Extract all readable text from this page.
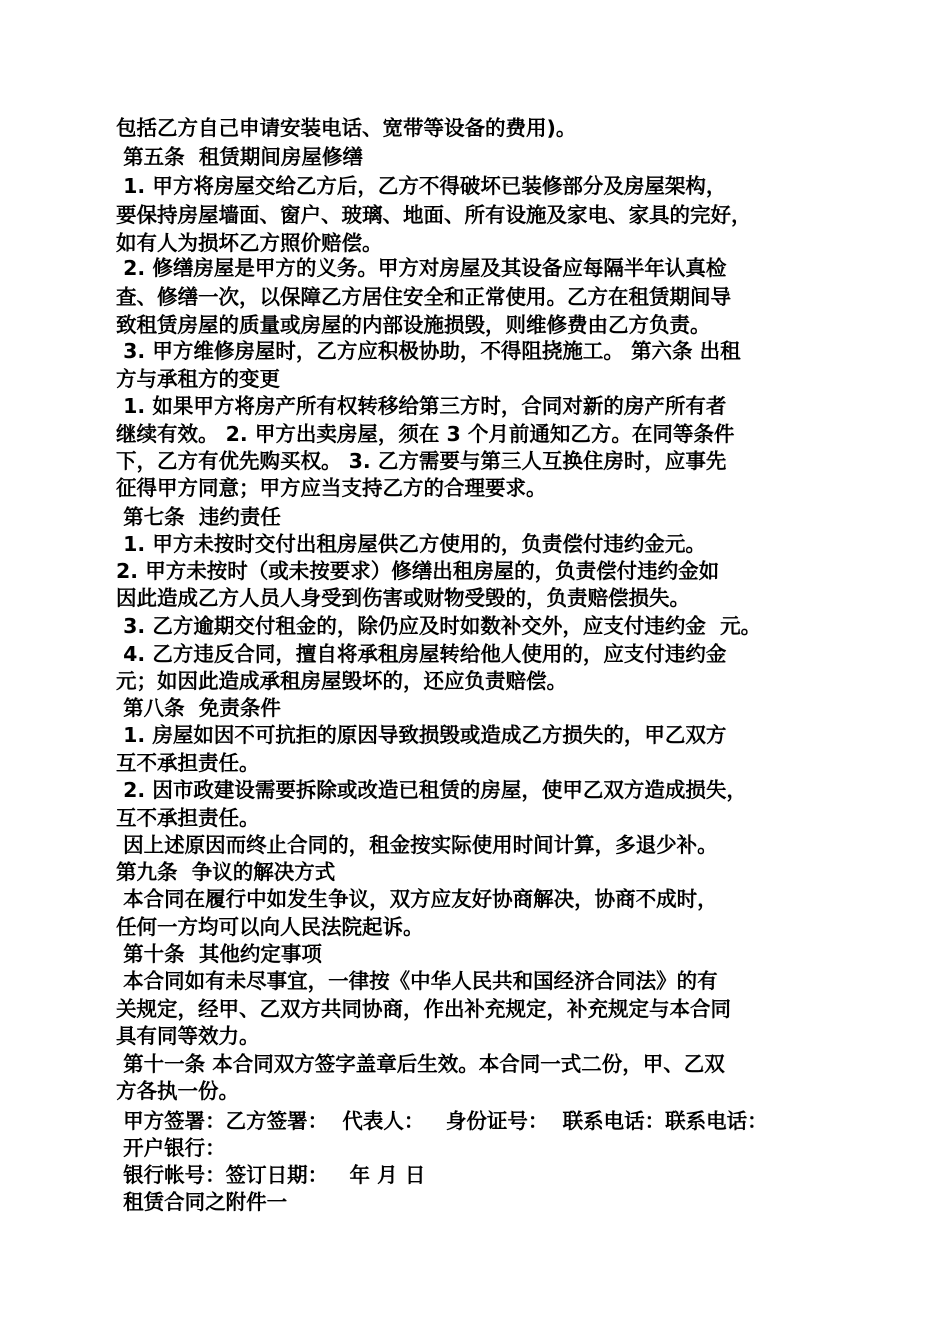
包括乙方自己申请安装电话、宽带等设备的费用)。
第五条  租赁期间房屋修缮
1. 甲方将房屋交给乙方后，乙方不得破坏已装修部分及房屋架构，
要保持房屋墙面、窗户、玻璃、地面、所有设施及家电、家具的完好，
如有人为损坏乙方照价赔偿。
2. 修缮房屋是甲方的义务。甲方对房屋及其设备应每隔半年认真检
查、修缮一次，以保障乙方居住安全和正常使用。乙方在租赁期间导
致租赁房屋的质量或房屋的内部设施损毁，则维修费由乙方负责。
3. 甲方维修房屋时，乙方应积极协助，不得阻挠施工。 第六条 出租
方与承租方的变更
1. 如果甲方将房产所有权转移给第三方时，合同对新的房产所有者
继续有效。 2. 甲方出卖房屋，须在 3 个月前通知乙方。在同等条件
下，乙方有优先购买权。 3. 乙方需要与第三人互换住房时，应事先
征得甲方同意；甲方应当支持乙方的合理要求。
第七条  违约责任
1. 甲方未按时交付出租房屋供乙方使用的，负责偿付违约金元。
2. 甲方未按时（或未按要求）修缮出租房屋的，负责偿付违约金如
因此造成乙方人员人身受到伤害或财物受毁的，负责赔偿损失。
3. 乙方逾期交付租金的，除仍应及时如数补交外，应支付违约金  元。
4. 乙方违反合同，擅自将承租房屋转给他人使用的，应支付违约金
元；如因此造成承租房屋毁坏的，还应负责赔偿。
第八条  免责条件
1. 房屋如因不可抗拒的原因导致损毁或造成乙方损失的，甲乙双方
互不承担责任。
2. 因市政建设需要拆除或改造已租赁的房屋，使甲乙双方造成损失，
互不承担责任。
因上述原因而终止合同的，租金按实际使用时间计算，多退少补。
第九条  争议的解决方式
本合同在履行中如发生争议，双方应友好协商解决，协商不成时，
任何一方均可以向人民法院起诉。
第十条  其他约定事项
本合同如有未尽事宜，一律按《中华人民共和国经济合同法》的有
关规定，经甲、乙双方共同协商，作出补充规定，补充规定与本合同
具有同等效力。
第十一条 本合同双方签字盖章后生效。本合同一式二份，甲、乙双
方各执一份。
甲方签署：乙方签署：  代表人：   身份证号：  联系电话：联系电话：
开户银行：
银行帐号：签订日期：   年 月 日
租赁合同之附件一
